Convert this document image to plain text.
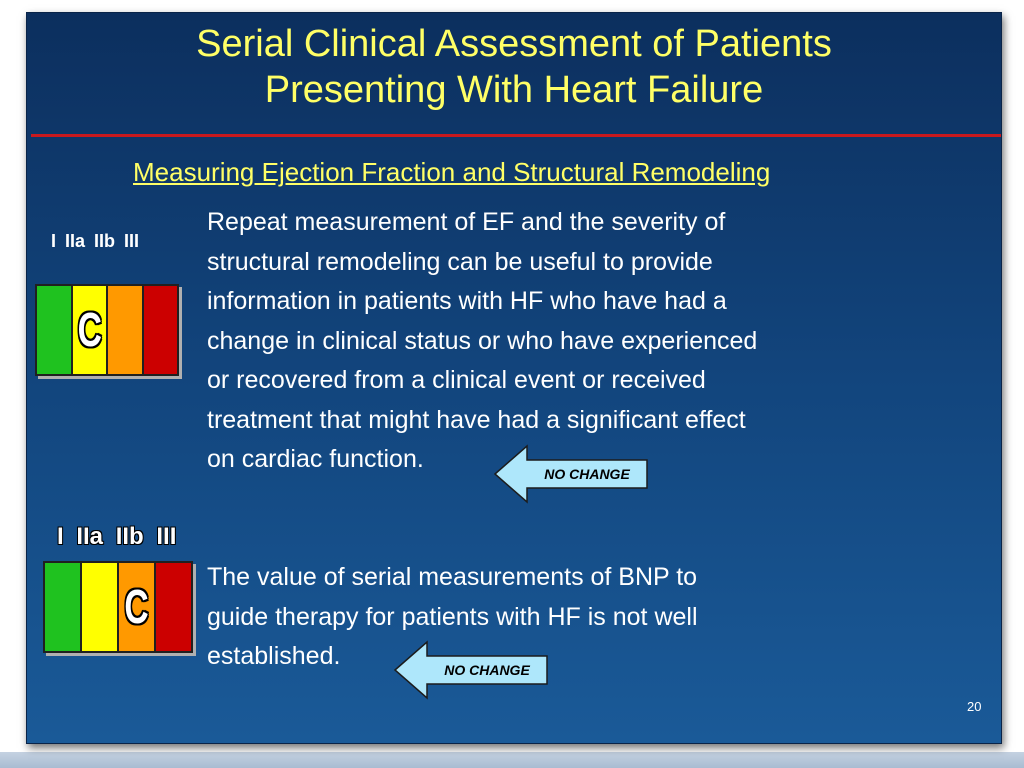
Serial Clinical Assessment of Patients
Presenting With Heart Failure
Measuring Ejection Fraction and Structural Remodeling
I IIa IIb III
C
Repeat measurement of EF and the severity of
structural remodeling can be useful to provide
information in patients with HF who have had a
change in clinical status or who have experienced
or recovered from a clinical event or received
treatment that might have had a significant effect
on cardiac function.
NO CHANGE
I IIa IIb III
C
The value of serial measurements of BNP to
guide therapy for patients with HF is not well
established.	NO CHANGE
20
